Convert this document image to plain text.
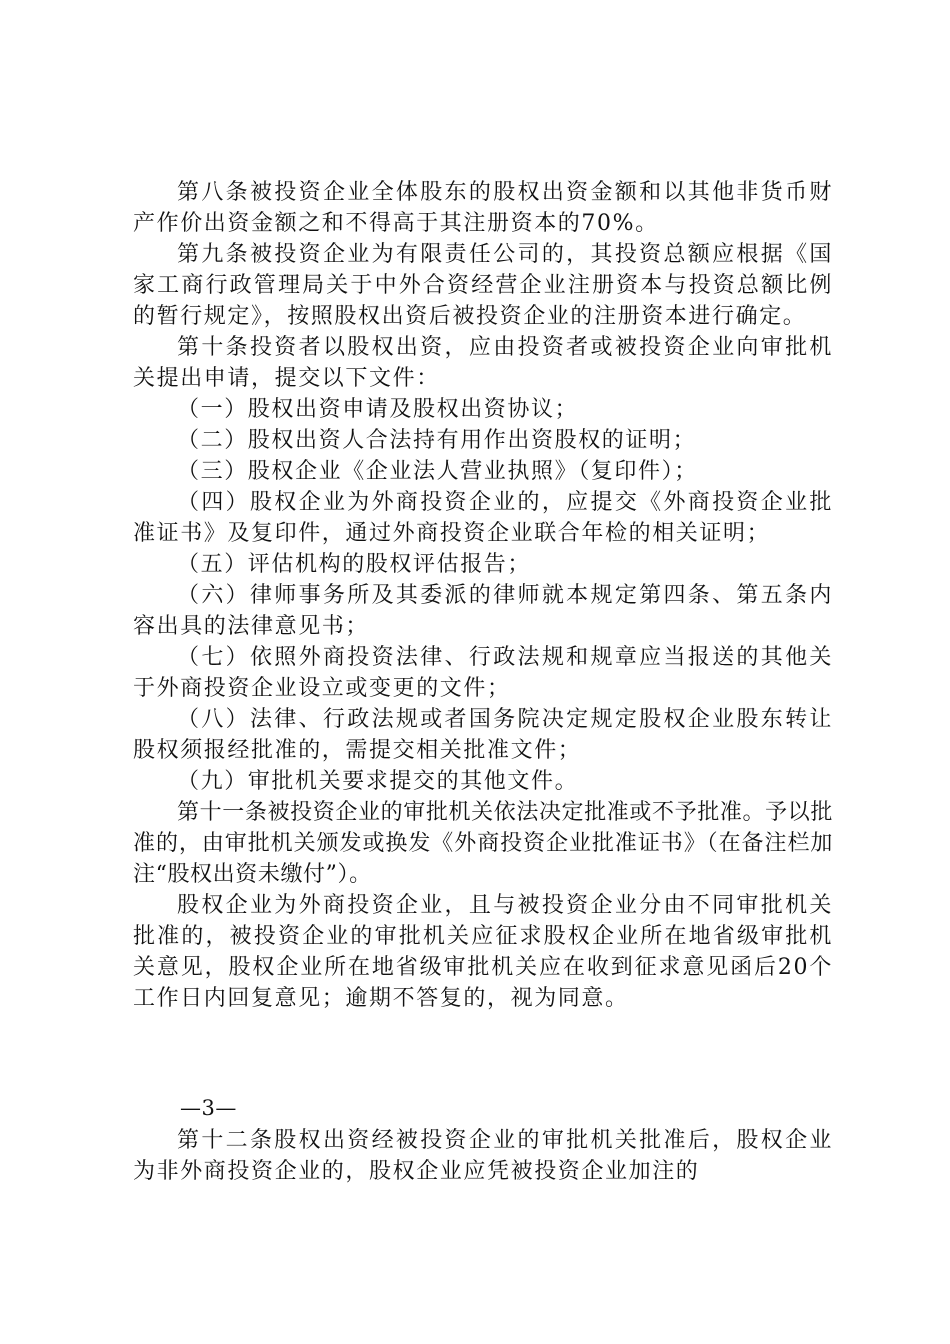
第八条被投资企业全体股东的股权出资金额和以其他非货币财产作价出资金额之和不得高于其注册资本的70%。

第九条被投资企业为有限责任公司的，其投资总额应根据《国家工商行政管理局关于中外合资经营企业注册资本与投资总额比例的暂行规定》，按照股权出资后被投资企业的注册资本进行确定。

第十条投资者以股权出资，应由投资者或被投资企业向审批机关提出申请，提交以下文件：

（一）股权出资申请及股权出资协议；

（二）股权出资人合法持有用作出资股权的证明；

（三）股权企业《企业法人营业执照》（复印件）；

（四）股权企业为外商投资企业的，应提交《外商投资企业批准证书》及复印件，通过外商投资企业联合年检的相关证明；

（五）评估机构的股权评估报告；

（六）律师事务所及其委派的律师就本规定第四条、第五条内容出具的法律意见书；

（七）依照外商投资法律、行政法规和规章应当报送的其他关于外商投资企业设立或变更的文件；

（八）法律、行政法规或者国务院决定规定股权企业股东转让股权须报经批准的，需提交相关批准文件；

（九）审批机关要求提交的其他文件。

第十一条被投资企业的审批机关依法决定批准或不予批准。予以批准的，由审批机关颁发或换发《外商投资企业批准证书》（在备注栏加注“股权出资未缴付”）。

股权企业为外商投资企业，且与被投资企业分由不同审批机关批准的，被投资企业的审批机关应征求股权企业所在地省级审批机关意见，股权企业所在地省级审批机关应在收到征求意见函后20个工作日内回复意见；逾期不答复的，视为同意。

—3—

第十二条股权出资经被投资企业的审批机关批准后，股权企业为非外商投资企业的，股权企业应凭被投资企业加注的
